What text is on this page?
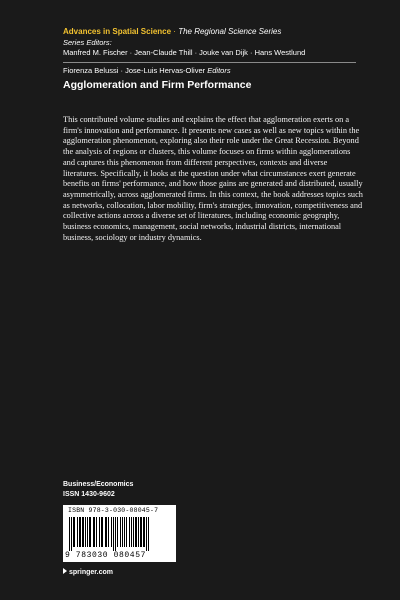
Advances in Spatial Science · The Regional Science Series
Series Editors:
Manfred M. Fischer · Jean-Claude Thill · Jouke van Dijk · Hans Westlund
Fiorenza Belussi · Jose-Luis Hervas-Oliver Editors
Agglomeration and Firm Performance
This contributed volume studies and explains the effect that agglomeration exerts on a firm's innovation and performance. It presents new cases as well as new topics within the agglomeration phenomenon, exploring also their role under the Great Recession. Beyond the analysis of regions or clusters, this volume focuses on firms within agglomerations and captures this phenomenon from different perspectives, contexts and diverse literatures. Specifically, it looks at the question under what circumstances exert generate benefits on firms' performance, and how those gains are generated and distributed, usually asymmetrically, across agglomerated firms. In this context, the book addresses topics such as networks, collocation, labor mobility, firm's strategies, innovation, competitiveness and collective actions across a diverse set of literatures, including economic geography, business economics, management, social networks, industrial districts, international business, sociology or industry dynamics.
Business/Economics
ISSN 1430-9602
ISBN 978-3-030-08045-7
9 783030 080457
springer.com
